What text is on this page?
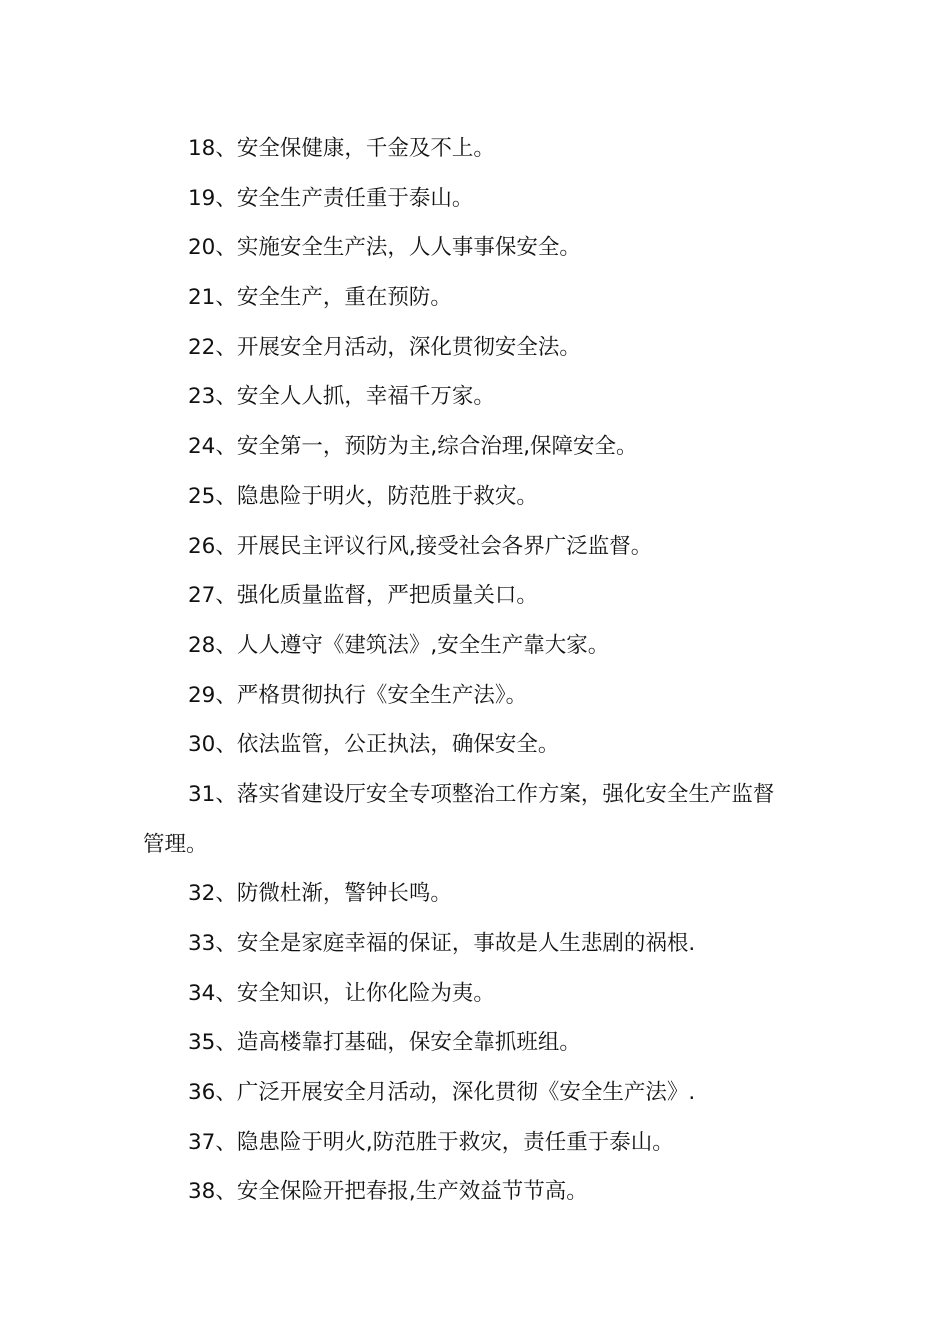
18、安全保健康，千金及不上。
19、安全生产责任重于泰山。
20、实施安全生产法，人人事事保安全。
21、安全生产，重在预防。
22、开展安全月活动，深化贯彻安全法。
23、安全人人抓，幸福千万家。
24、安全第一，预防为主,综合治理,保障安全。
25、隐患险于明火，防范胜于救灾。
26、开展民主评议行风,接受社会各界广泛监督。
27、强化质量监督，严把质量关口。
28、人人遵守《建筑法》,安全生产靠大家。
29、严格贯彻执行《安全生产法》。
30、依法监管，公正执法，确保安全。
31、落实省建设厅安全专项整治工作方案，强化安全生产监督
管理。
32、防微杜渐，警钟长鸣。
33、安全是家庭幸福的保证，事故是人生悲剧的祸根.
34、安全知识，让你化险为夷。
35、造高楼靠打基础，保安全靠抓班组。
36、广泛开展安全月活动，深化贯彻《安全生产法》.
37、隐患险于明火,防范胜于救灾，责任重于泰山。
38、安全保险开把春报,生产效益节节高。
